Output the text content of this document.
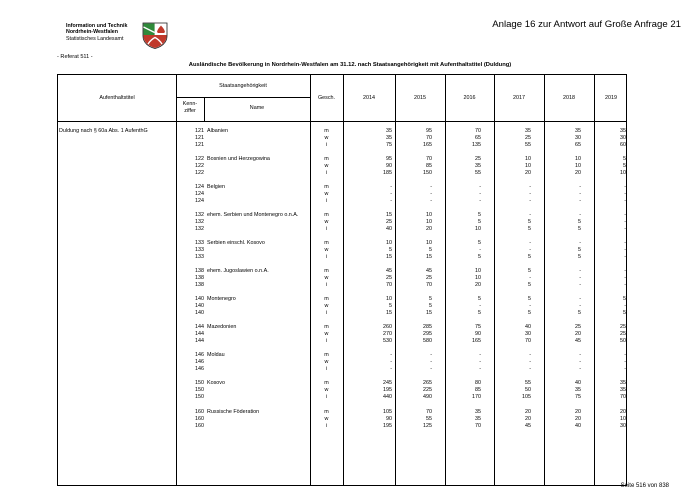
Information und Technik
Nordrhein-Westfalen
Statistisches Landesamt
Anlage 16 zur Antwort auf Große Anfrage 21
- Referat 511 -
Ausländische Bevölkerung in Nordrhein-Westfalen am 31.12. nach Staatsangehörigkeit mit Aufenthaltstitel (Duldung)
Aufenthaltstitel
Staatsangehörigkeit
Kenn-
ziffer	Name
Gesch.	2014	2015	2016	2017	2018	2019
Duldung nach § 60a Abs. 1 AufenthG	121 Albanien	m	35	95	70	35	35	35
121	w	35	70	65	25	30	30
121	i	75	165	135	55	65	60
122 Bosnien und Herzegowina	m	95	70	25	10	10	5
122	w	90	85	35	10	10	5
122	i	185	150	55	20	20	10
124 Belgien	m	-	-	-	-	-	-
124	w	-	-	-	-	-	-
124	i	-	-	-	-	-	-
132 ehem. Serbien und Montenegro o.n.A.	m	15	10	5	-	-	-
132	w	25	10	5	5	5	-
132	i	40	20	10	5	5	-
133 Serbien einschl. Kosovo	m	10	10	5	-	-	-
133	w	5	5	-	-	5	-
133	i	15	15	5	5	5	-
138 ehem. Jugoslawien o.n.A.	m	45	45	10	5	-	-
138	w	25	25	10	-	-	-
138	i	70	70	20	5	-	-
140 Montenegro	m	10	5	5	5	-	5
140	w	5	5	-	-	-	-
140	i	15	15	5	5	5	5
144 Mazedonien	m	260	285	75	40	25	25
144	w	270	295	90	30	20	25
144	i	530	580	165	70	45	50
146 Moldau	m	-	-	-	-	-	-
146	w	-	-	-	-	-	-
146	i	-	-	-	-	-	-
150 Kosovo	m	245	265	80	55	40	35
150	w	195	225	85	50	35	35
150	i	440	490	170	105	75	70
160 Russische Föderation	m	105	70	35	20	20	20
160	w	90	55	35	20	20	10
160	i	195	125	70	45	40	30
Seite 516 von 838
